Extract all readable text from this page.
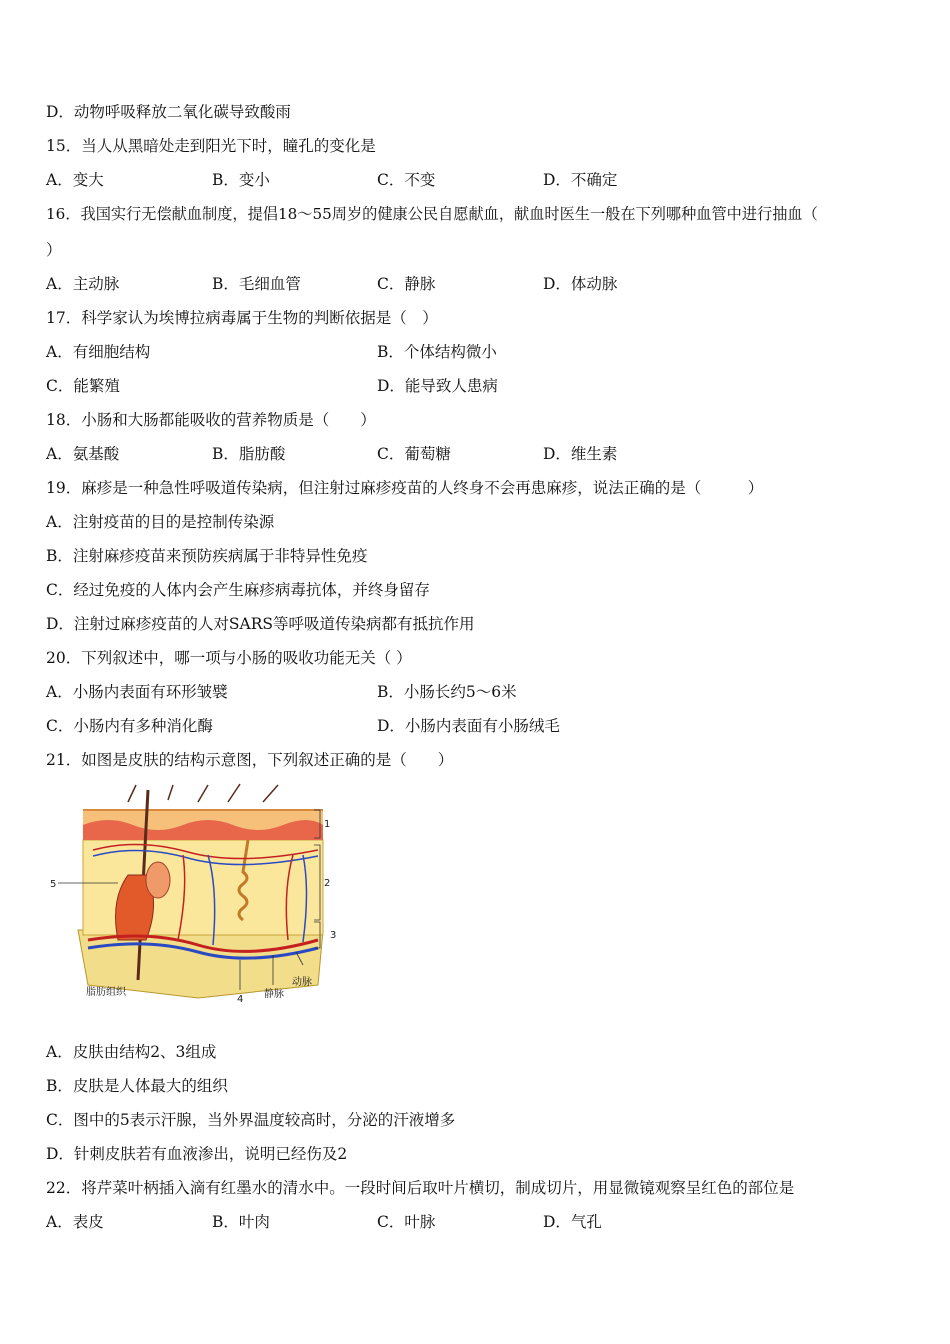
D．动物呼吸释放二氧化碳导致酸雨
15．当人从黑暗处走到阳光下时，瞳孔的变化是
A．变大	B．变小	C．不变	D．不确定
16．我国实行无偿献血制度，提倡18～55周岁的健康公民自愿献血，献血时医生一般在下列哪种血管中进行抽血（
）
A．主动脉	B．毛细血管	C．静脉	D．体动脉
17．科学家认为埃博拉病毒属于生物的判断依据是（　）
A．有细胞结构	B．个体结构微小
C．能繁殖	D．能导致人患病
18．小肠和大肠都能吸收的营养物质是（　　）
A．氨基酸	B．脂肪酸	C．葡萄糖	D．维生素
19．麻疹是一种急性呼吸道传染病，但注射过麻疹疫苗的人终身不会再患麻疹，说法正确的是（　　　）
A．注射疫苗的目的是控制传染源
B．注射麻疹疫苗来预防疾病属于非特异性免疫
C．经过免疫的人体内会产生麻疹病毒抗体，并终身留存
D．注射过麻疹疫苗的人对SARS等呼吸道传染病都有抵抗作用
20．下列叙述中，哪一项与小肠的吸收功能无关（ ）
A．小肠内表面有环形皱襞	B．小肠长约5～6米
C．小肠内有多种消化酶	D．小肠内表面有小肠绒毛
21．如图是皮肤的结构示意图，下列叙述正确的是（　　）
1
2
3
4
5
脂肪组织	静脉
动脉
A．皮肤由结构2、3组成
B．皮肤是人体最大的组织
C．图中的5表示汗腺，当外界温度较高时，分泌的汗液增多
D．针刺皮肤若有血液渗出，说明已经伤及2
22．将芹菜叶柄插入滴有红墨水的清水中。一段时间后取叶片横切，制成切片，用显微镜观察呈红色的部位是
A．表皮	B．叶肉	C．叶脉	D．气孔
